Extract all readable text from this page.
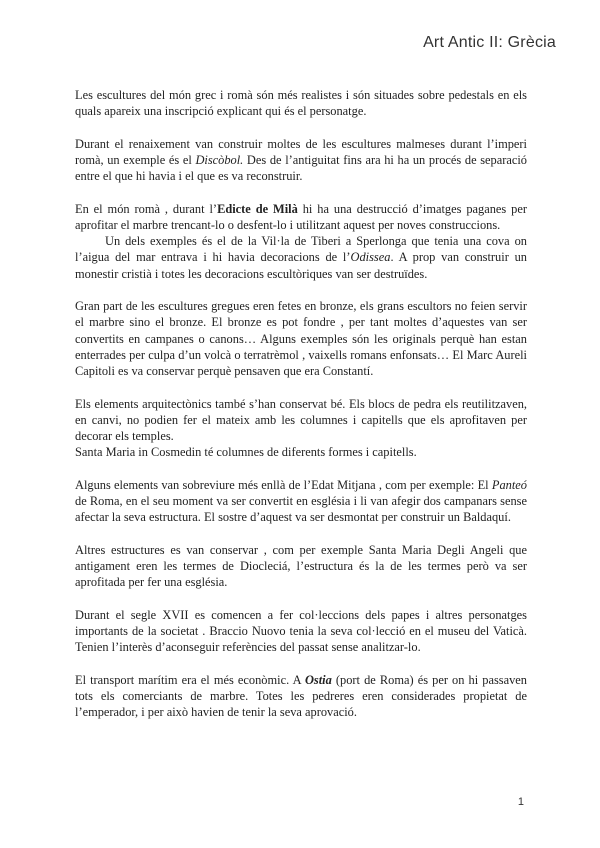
Art Antic II: Grècia

Les escultures del món grec i romà són més realistes i són situades sobre pedestals en els quals apareix una inscripció explicant qui és el personatge.

Durant el renaixement van construir moltes de les escultures malmeses durant l’imperi romà, un exemple és el Discòbol. Des de l’antiguitat fins ara hi ha un procés de separació entre el que hi havia i el que es va reconstruir.

En el món romà , durant l’Edicte de Milà hi ha una destrucció d’imatges paganes per aprofitar el marbre trencant-lo o desfent-lo i utilitzant aquest per noves construccions.

Un dels exemples és el de la Vil·la de Tiberi a Sperlonga que tenia una cova on l’aigua del mar entrava i hi havia decoracions de l’Odissea. A prop van construir un monestir cristià i totes les decoracions escultòriques van ser destruïdes.

Gran part de les escultures gregues eren fetes en bronze, els grans escultors no feien servir el marbre sino el bronze. El bronze es pot fondre , per tant moltes d’aquestes van ser convertits en campanes o canons… Alguns exemples són les originals perquè han estan enterrades per culpa d’un volcà o terratrèmol , vaixells romans enfonsats… El Marc Aureli Capitoli es va conservar perquè pensaven que era Constantí.

Els elements arquitectònics també s’han conservat bé. Els blocs de pedra els reutilitzaven, en canvi, no podien fer el mateix amb les columnes i capitells que els aprofitaven per decorar els temples.
Santa Maria in Cosmedin té columnes de diferents formes i capitells.

Alguns elements van sobreviure més enllà de l’Edat Mitjana , com per exemple: El Panteó de Roma, en el seu moment va ser convertit en església i li van afegir dos campanars sense afectar la seva estructura. El sostre d’aquest va ser desmontat per construir un Baldaquí.

Altres estructures es van conservar , com per exemple Santa Maria Degli Angeli que antigament eren les termes de Diocleciá, l’estructura és la de les termes però va ser aprofitada per fer una església.

Durant el segle XVII es comencen a fer col·leccions dels papes i altres personatges importants de la societat . Braccio Nuovo tenia la seva col·lecció en el museu del Vaticà. Tenien l’interès d’aconseguir referències del passat sense analitzar-lo.

El transport marítim era el més econòmic. A Ostia (port de Roma) és per on hi passaven tots els comerciants de marbre. Totes les pedreres eren considerades propietat de l’emperador, i per això havien de tenir la seva aprovació.

1
